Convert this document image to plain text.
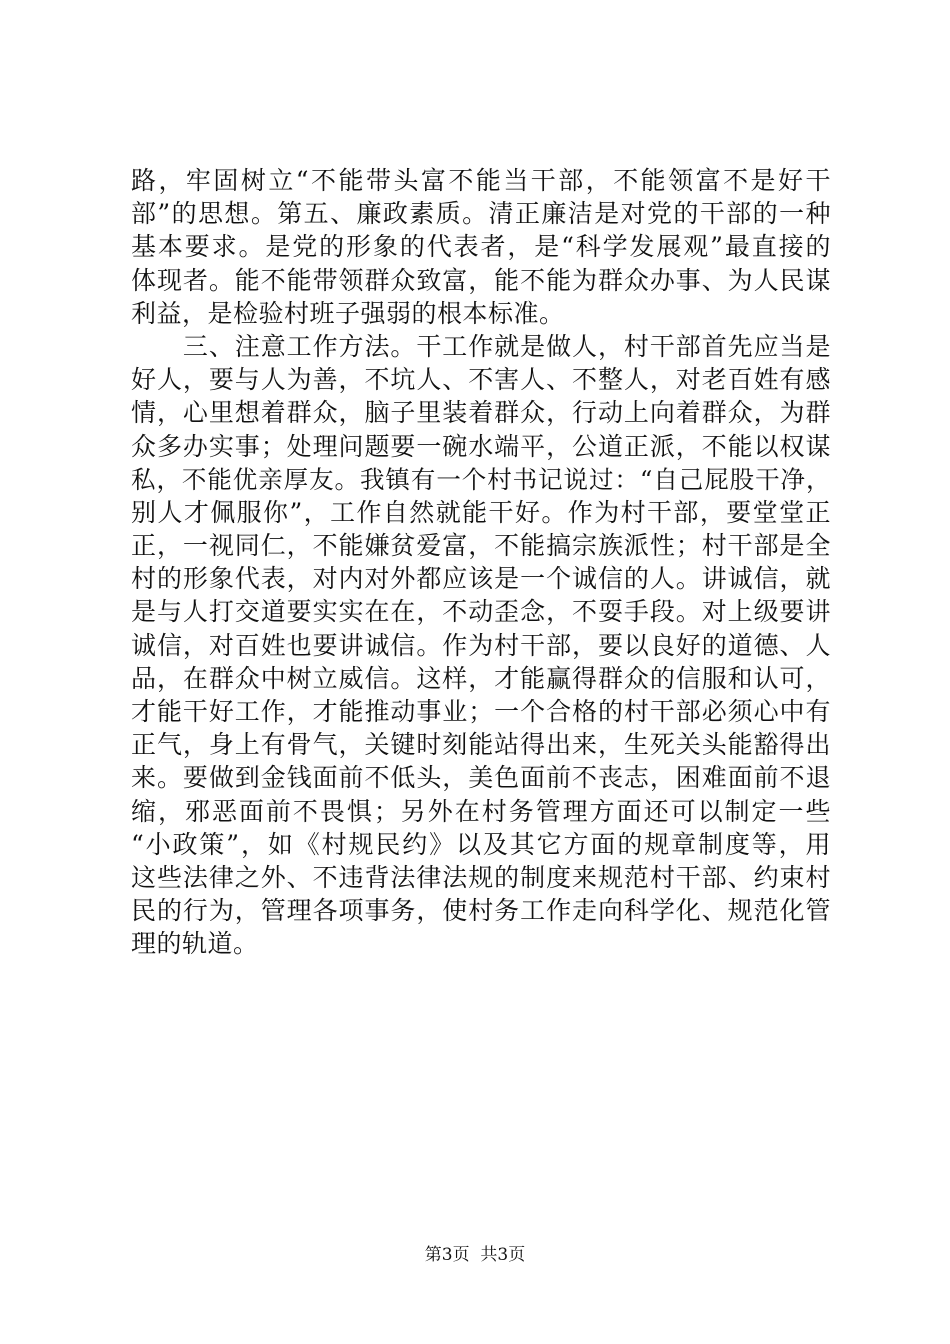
路，牢固树立“不能带头富不能当干部，不能领富不是好干
部”的思想。第五、廉政素质。清正廉洁是对党的干部的一种
基本要求。是党的形象的代表者，是“科学发展观”最直接的
体现者。能不能带领群众致富，能不能为群众办事、为人民谋
利益，是检验村班子强弱的根本标准。
　　三、注意工作方法。干工作就是做人，村干部首先应当是
好人，要与人为善，不坑人、不害人、不整人，对老百姓有感
情，心里想着群众，脑子里装着群众，行动上向着群众，为群
众多办实事；处理问题要一碗水端平，公道正派，不能以权谋
私，不能优亲厚友。我镇有一个村书记说过：“自己屁股干净，
别人才佩服你”，工作自然就能干好。作为村干部，要堂堂正
正，一视同仁，不能嫌贫爱富，不能搞宗族派性；村干部是全
村的形象代表，对内对外都应该是一个诚信的人。讲诚信，就
是与人打交道要实实在在，不动歪念，不耍手段。对上级要讲
诚信，对百姓也要讲诚信。作为村干部，要以良好的道德、人
品，在群众中树立威信。这样，才能赢得群众的信服和认可，
才能干好工作，才能推动事业；一个合格的村干部必须心中有
正气，身上有骨气，关键时刻能站得出来，生死关头能豁得出
来。要做到金钱面前不低头，美色面前不丧志，困难面前不退
缩，邪恶面前不畏惧；另外在村务管理方面还可以制定一些
“小政策”，如《村规民约》以及其它方面的规章制度等，用
这些法律之外、不违背法律法规的制度来规范村干部、约束村
民的行为，管理各项事务，使村务工作走向科学化、规范化管
理的轨道。
第3页  共3页
